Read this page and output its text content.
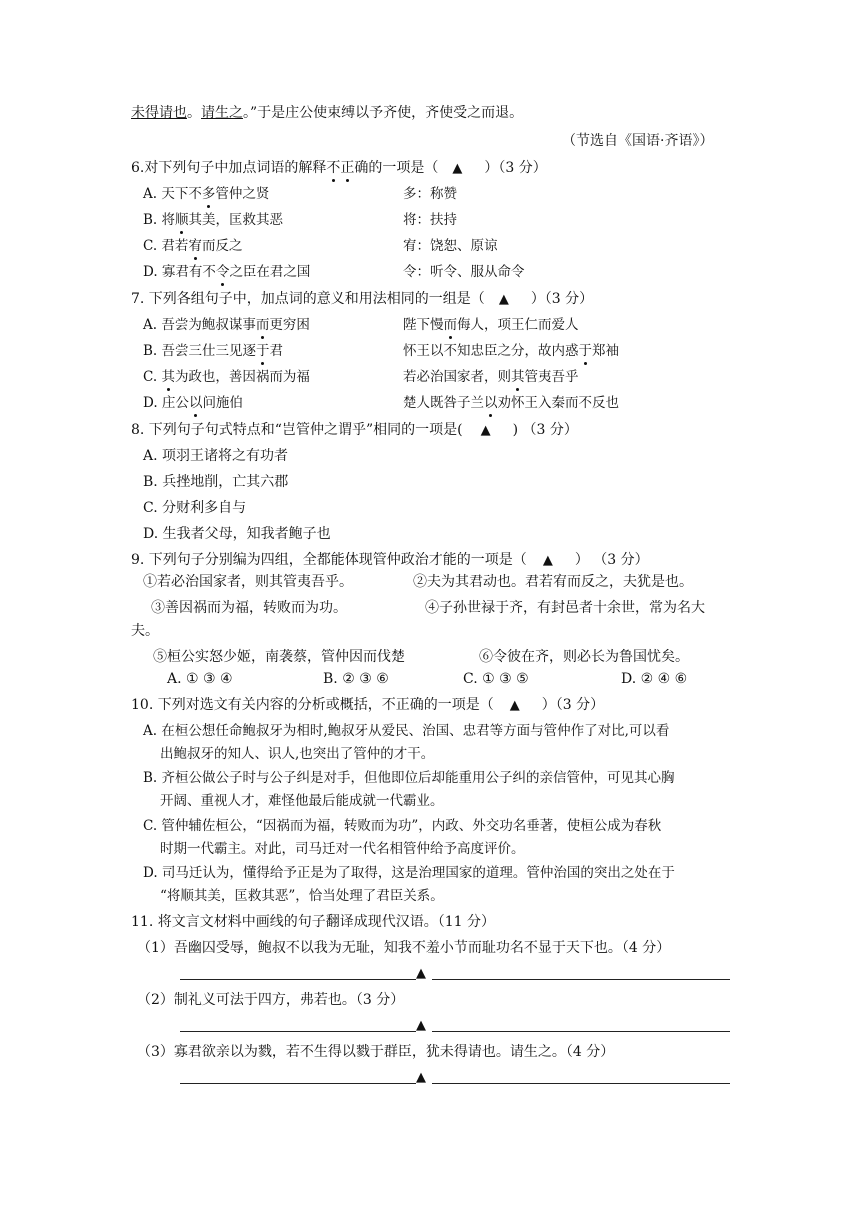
未得请也。请生之。”于是庄公使束缚以予齐使，齐使受之而退。
（节选自《国语·齐语》）
6.对下列句子中加点词语的解释不正确的一项是（ ▲ ）（3 分）
A. 天下不多管仲之贤	多：称赞
B. 将顺其美，匡救其恶	将：扶持
C. 君若宥而反之	宥：饶恕、原谅
D. 寡君有不令之臣在君之国	令：听令、服从命令
7. 下列各组句子中，加点词的意义和用法相同的一组是（ ▲ ）（3 分）
A. 吾尝为鲍叔谋事而更穷困	陛下慢而侮人，项王仁而爱人
B. 吾尝三仕三见逐于君	怀王以不知忠臣之分，故内惑于郑袖
C. 其为政也，善因祸而为福	若必治国家者，则其管夷吾乎
D. 庄公以问施伯	楚人既咎子兰以劝怀王入秦而不反也
8. 下列句子句式特点和“岂管仲之谓乎”相同的一项是( ▲ ) （3 分）
A. 项羽王诸将之有功者
B. 兵挫地削，亡其六郡
C. 分财利多自与
D. 生我者父母，知我者鲍子也
9. 下列句子分别编为四组，全都能体现管仲政治才能的一项是（ ▲ ） （3 分）
①若必治国家者，则其管夷吾乎。	②夫为其君动也。君若宥而反之，夫犹是也。
③善因祸而为福，转败而为功。	④子孙世禄于齐，有封邑者十余世，常为名大
夫。
⑤桓公实怒少姬，南袭蔡，管仲因而伐楚	⑥令彼在齐，则必长为鲁国忧矣。
A. ① ③ ④	B. ② ③ ⑥	C. ① ③ ⑤	D. ② ④ ⑥
10. 下列对选文有关内容的分析或概括，不正确的一项是（ ▲ ）（3 分）
A. 在桓公想任命鲍叔牙为相时,鲍叔牙从爱民、治国、忠君等方面与管仲作了对比,可以看
出鲍叔牙的知人、识人,也突出了管仲的才干。
B. 齐桓公做公子时与公子纠是对手，但他即位后却能重用公子纠的亲信管仲，可见其心胸
开阔、重视人才，难怪他最后能成就一代霸业。
C. 管仲辅佐桓公，“因祸而为福，转败而为功”，内政、外交功名垂著，使桓公成为春秋
时期一代霸主。对此，司马迁对一代名相管仲给予高度评价。
D. 司马迁认为，懂得给予正是为了取得，这是治理国家的道理。管仲治国的突出之处在于
“将顺其美，匡救其恶”，恰当处理了君臣关系。
11. 将文言文材料中画线的句子翻译成现代汉语。（11 分）
（1）吾幽囚受辱，鲍叔不以我为无耻，知我不羞小节而耻功名不显于天下也。（4 分）
▲
（2）制礼义可法于四方，弗若也。（3 分）
▲
（3）寡君欲亲以为戮，若不生得以戮于群臣，犹未得请也。请生之。（4 分）
▲
